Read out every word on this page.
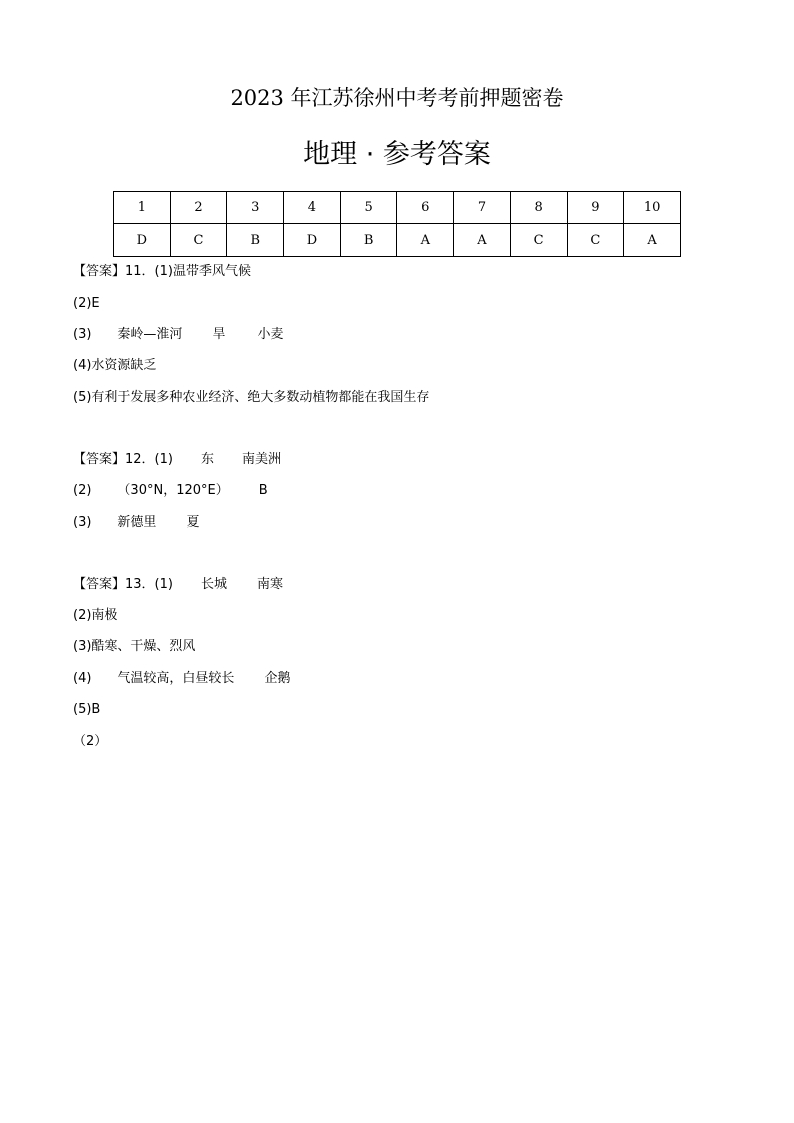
2023 年江苏徐州中考考前押题密卷
地理 · 参考答案
1	2	3	4	5	6	7	8	9	10
D	C	B	D	B	A	A	C	C	A
【答案】11．(1)温带季风气候
(2)E
(3) 秦岭—淮河 旱 小麦
(4)水资源缺乏
(5)有利于发展多种农业经济、绝大多数动植物都能在我国生存
【答案】12．(1) 东 南美洲
(2) （30°N，120°E） B
(3) 新德里 夏
【答案】13．(1) 长城 南寒
(2)南极
(3)酷寒、干燥、烈风
(4) 气温较高，白昼较长 企鹅
(5)B
（2）
